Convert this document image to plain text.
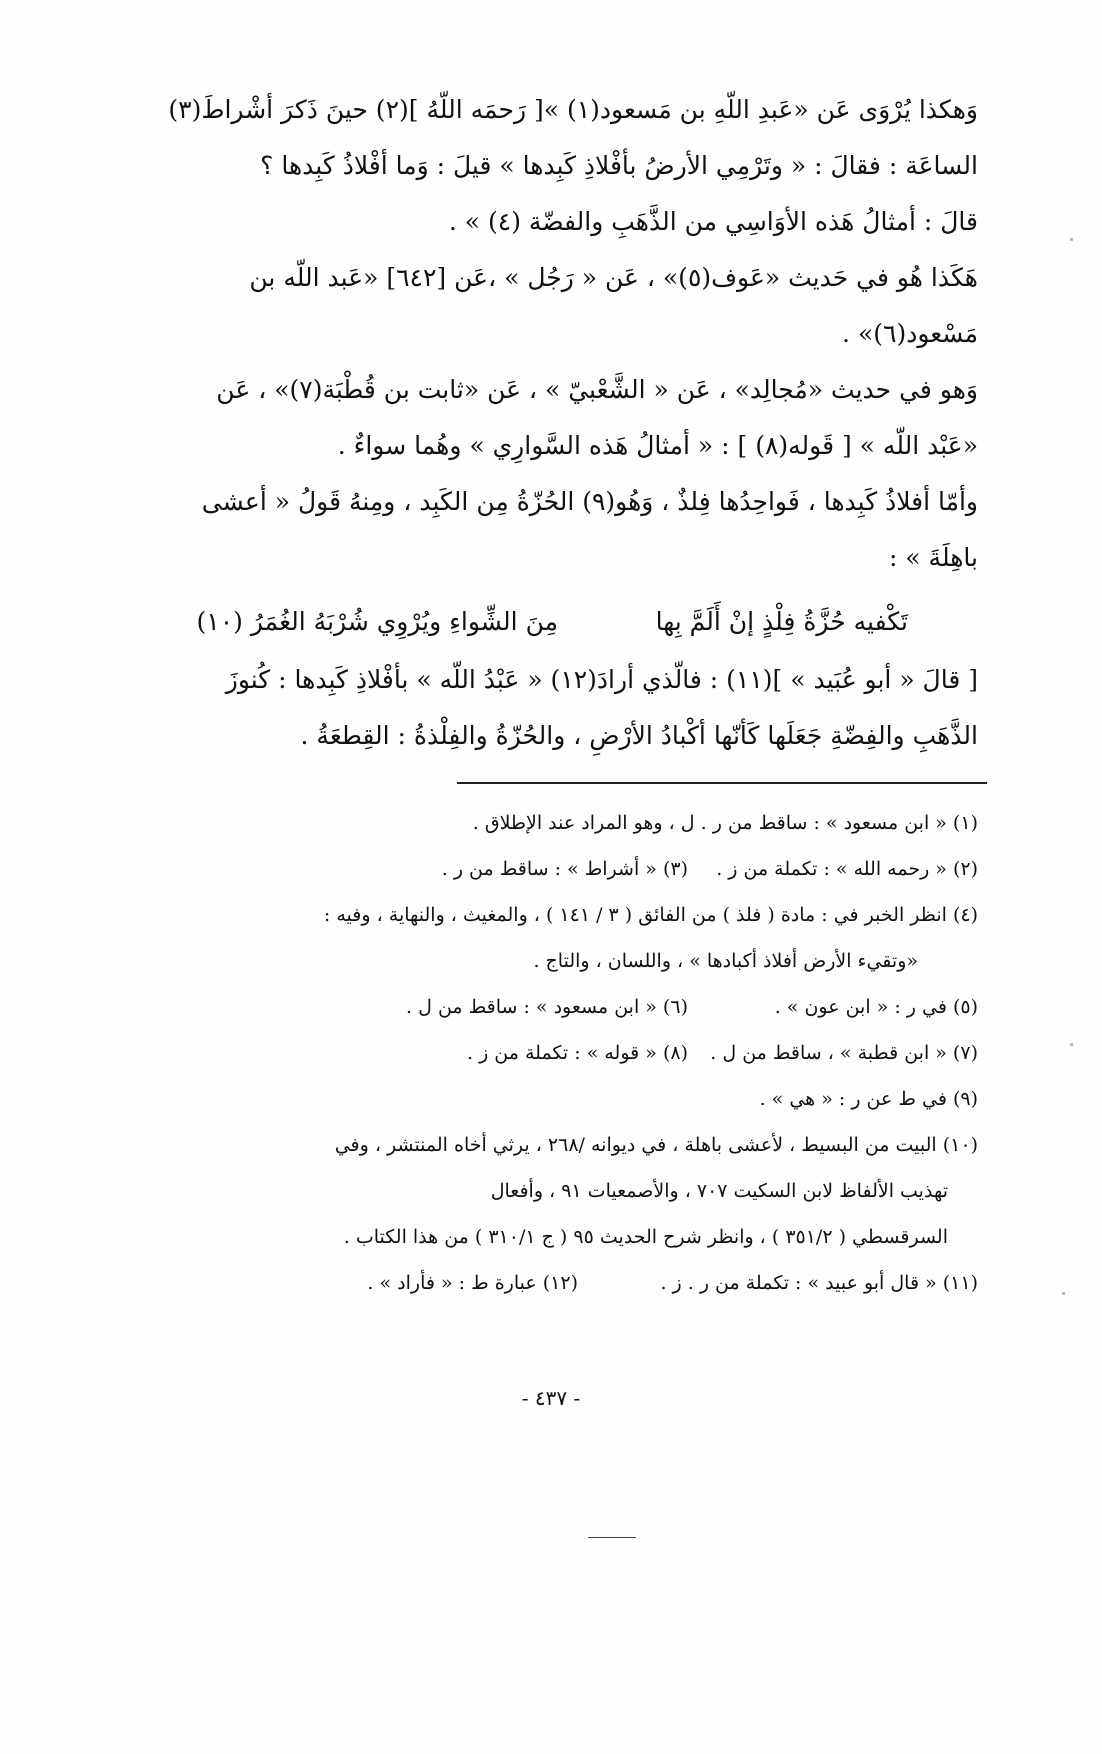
وَهكذا يُرْوَى عَن «عَبدِ اللّهِ بن مَسعود(١) »[ رَحمَه اللّهُ ](٢) حينَ ذَكرَ أشْراطَ(٣)
الساعَة : فقالَ : « وتَرْمِي الأرضُ بأفْلاذِ كَبِدها » قيلَ : وَما أفْلاذُ كَبِدها ؟
قالَ : أمثالُ هَذه الأوَاسِي من الذَّهَبِ والفضّة (٤) » .
هَكَذا هُو في حَديث «عَوف(٥)» ، عَن « رَجُل » ،عَن [٦٤٢] «عَبد اللّه بن
مَسْعود(٦)» .
وَهو في حديث «مُجالِد» ، عَن « الشَّعْبيّ » ، عَن «ثابت بن قُطْبَة(٧)» ، عَن
«عَبْد اللّه » [ قَوله(٨) ] : « أمثالُ هَذه السَّوارِي » وهُما سواءٌ .
وأمّا أفلاذُ كَبِدها ، فَواحِدُها فِلذٌ ، وَهُو(٩) الحُزّةُ مِن الكَبِد ، ومِنهُ قَولُ « أعشى
باهِلَةَ » :
تَكْفيه حُزَّةُ فِلْذٍ إنْ أَلَمَّ بِها
مِنَ الشِّواءِ ويُرْوِي شُرْبَهُ الغُمَرُ (١٠)
[ قالَ « أبو عُبَيد » ](١١) : فالّذي أرادَ(١٢) « عَبْدُ اللّه » بأفْلاذِ كَبِدها : كُنوزَ
الذَّهَبِ والفِضّةِ جَعَلَها كَأنّها أكْبادُ الأرْضِ ، والحُزّةُ والفِلْذةُ : القِطعَةُ .
(١) « ابن مسعود » : ساقط من ر . ل ، وهو المراد عند الإطلاق .
(٢) « رحمه الله » : تكملة من ز .
(٣) « أشراط » : ساقط من ر .
(٤) انظر الخبر في : مادة ( فلذ ) من الفائق ( ٣ / ١٤١ ) ، والمغيث ، والنهاية ، وفيه :
«وتقيء الأرض أفلاذ أكبادها » ، واللسان ، والتاج .
(٥) في ر : « ابن عون » .
(٦) « ابن مسعود » : ساقط من ل .
(٧) « ابن قطبة » ، ساقط من ل .
(٨) « قوله » : تكملة من ز .
(٩) في ط عن ر : « هي » .
(١٠) البيت من البسيط ، لأعشى باهلة ، في ديوانه /٢٦٨ ، يرثي أخاه المنتشر ، وفي
تهذيب الألفاظ لابن السكيت ٧٠٧ ، والأصمعيات ٩١ ، وأفعال
السرقسطي ( ٣٥١/٢ ) ، وانظر شرح الحديث ٩٥ ( ج ٣١٠/١ ) من هذا الكتاب .
(١١) « قال أبو عبيد » : تكملة من ر . ز .
(١٢) عبارة ط : « فأراد » .
- ٤٣٧ -
